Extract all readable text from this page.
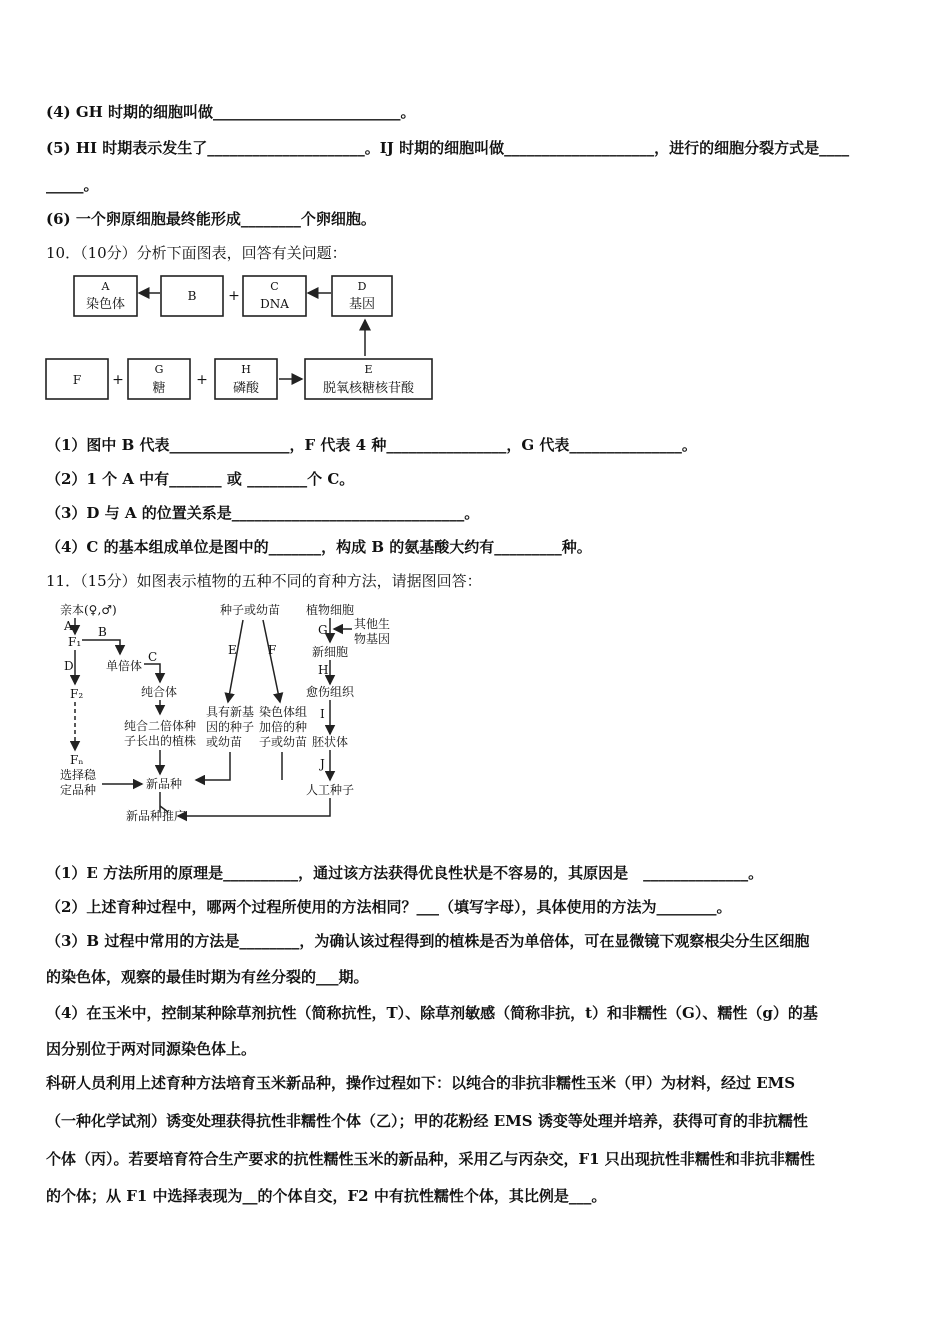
(4) GH 时期的细胞叫做_________________________。
(5) HI 时期表示发生了_____________________。IJ 时期的细胞叫做____________________，进行的细胞分裂方式是____
_____。
(6) 一个卵原细胞最终能形成________个卵细胞。
10．（10分）分析下面图表，回答有关问题：
A
染色体
B +
C
DNA
D
基因
F +
G
糖
+
H
磷酸
E
脱氧核糖核苷酸
（1）图中 B 代表________________，F 代表 4 种________________，G 代表_______________。
（2）1 个 A 中有_______ 或 ________个 C。
（3）D 与 A 的位置关系是_______________________________。
（4）C 的基本组成单位是图中的_______，构成 B 的氨基酸大约有_________种。
11．（15分）如图表示植物的五种不同的育种方法，请据图回答：
亲本(♀,♂)
A
F₁
B
单倍体
C
纯合体
纯合二倍体种
子长出的植株
D
F₂
Fₙ
选择稳
定品种	新品种
新品种推广
种子或幼苗
E	F
具有新基
因的种子
或幼苗
染色体组
加倍的种
子或幼苗
植物细胞
G 其他生
物基因
新细胞
H
愈伤组织
I
胚状体
J
人工种子
（1）E 方法所用的原理是__________，通过该方法获得优良性状是不容易的，其原因是　______________。
（2）上述育种过程中，哪两个过程所使用的方法相同？___（填写字母），具体使用的方法为________。
（3）B 过程中常用的方法是________，为确认该过程得到的植株是否为单倍体，可在显微镜下观察根尖分生区细胞
的染色体，观察的最佳时期为有丝分裂的___期。
（4）在玉米中，控制某种除草剂抗性（简称抗性，T）、除草剂敏感（简称非抗，t）和非糯性（G）、糯性（g）的基
因分别位于两对同源染色体上。
科研人员利用上述育种方法培育玉米新品种，操作过程如下：以纯合的非抗非糯性玉米（甲）为材料，经过 EMS
（一种化学试剂）诱变处理获得抗性非糯性个体（乙）；甲的花粉经 EMS 诱变等处理并培养，获得可育的非抗糯性
个体（丙）。若要培育符合生产要求的抗性糯性玉米的新品种，采用乙与丙杂交，F1 只出现抗性非糯性和非抗非糯性
的个体；从 F1 中选择表现为__的个体自交，F2 中有抗性糯性个体，其比例是___。
